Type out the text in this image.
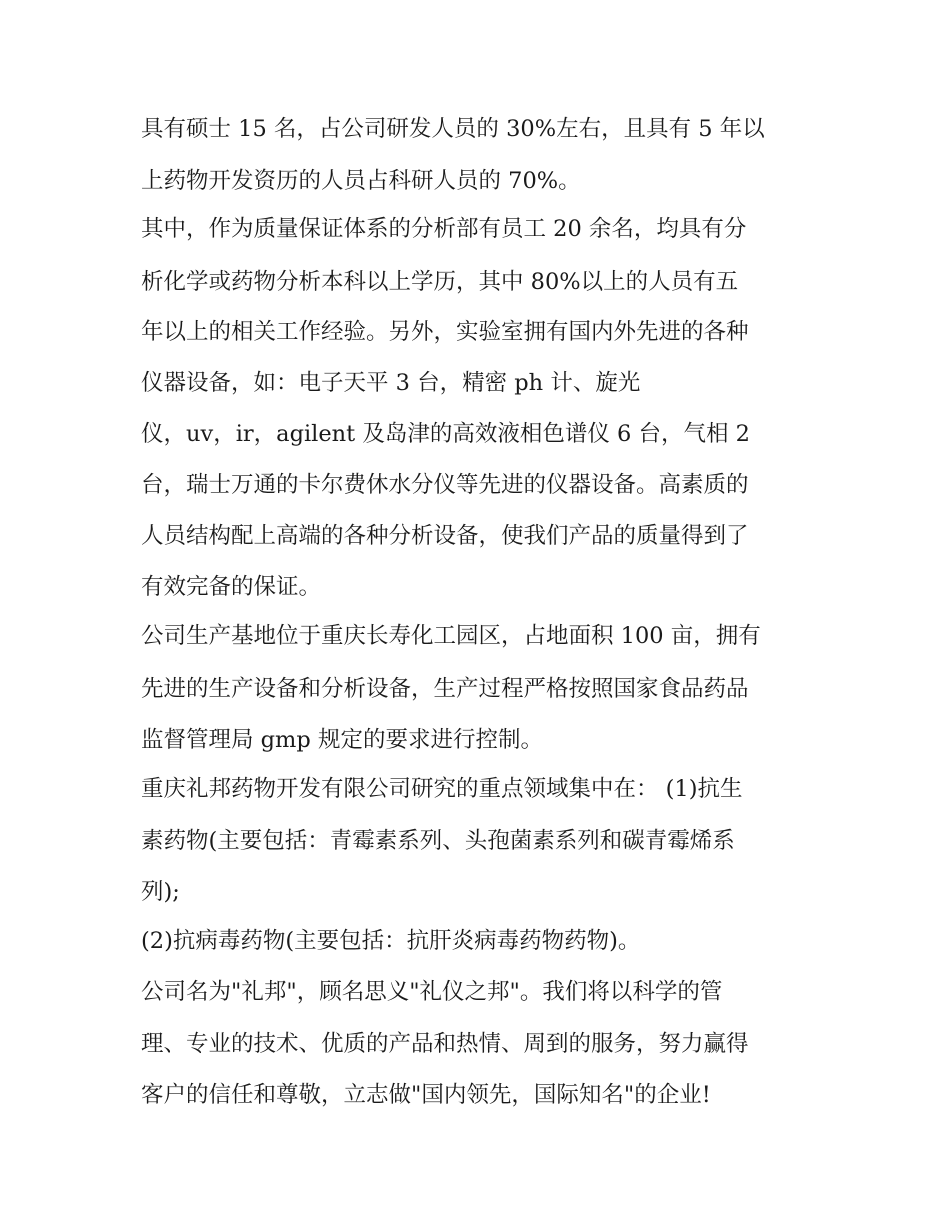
具有硕士 15 名，占公司研发人员的 30%左右，且具有 5 年以
上药物开发资历的人员占科研人员的 70%。
其中，作为质量保证体系的分析部有员工 20 余名，均具有分
析化学或药物分析本科以上学历，其中 80%以上的人员有五
年以上的相关工作经验。另外，实验室拥有国内外先进的各种
仪器设备，如：电子天平 3 台，精密 ph 计、旋光
仪，uv，ir，agilent 及岛津的高效液相色谱仪 6 台，气相 2
台，瑞士万通的卡尔费休水分仪等先进的仪器设备。高素质的
人员结构配上高端的各种分析设备，使我们产品的质量得到了
有效完备的保证。
公司生产基地位于重庆长寿化工园区，占地面积 100 亩，拥有
先进的生产设备和分析设备，生产过程严格按照国家食品药品
监督管理局 gmp 规定的要求进行控制。
重庆礼邦药物开发有限公司研究的重点领域集中在： (1)抗生
素药物(主要包括：青霉素系列、头孢菌素系列和碳青霉烯系
列);
(2)抗病毒药物(主要包括：抗肝炎病毒药物药物)。
公司名为"礼邦"，顾名思义"礼仪之邦"。我们将以科学的管
理、专业的技术、优质的产品和热情、周到的服务，努力赢得
客户的信任和尊敬，立志做"国内领先，国际知名"的企业!
